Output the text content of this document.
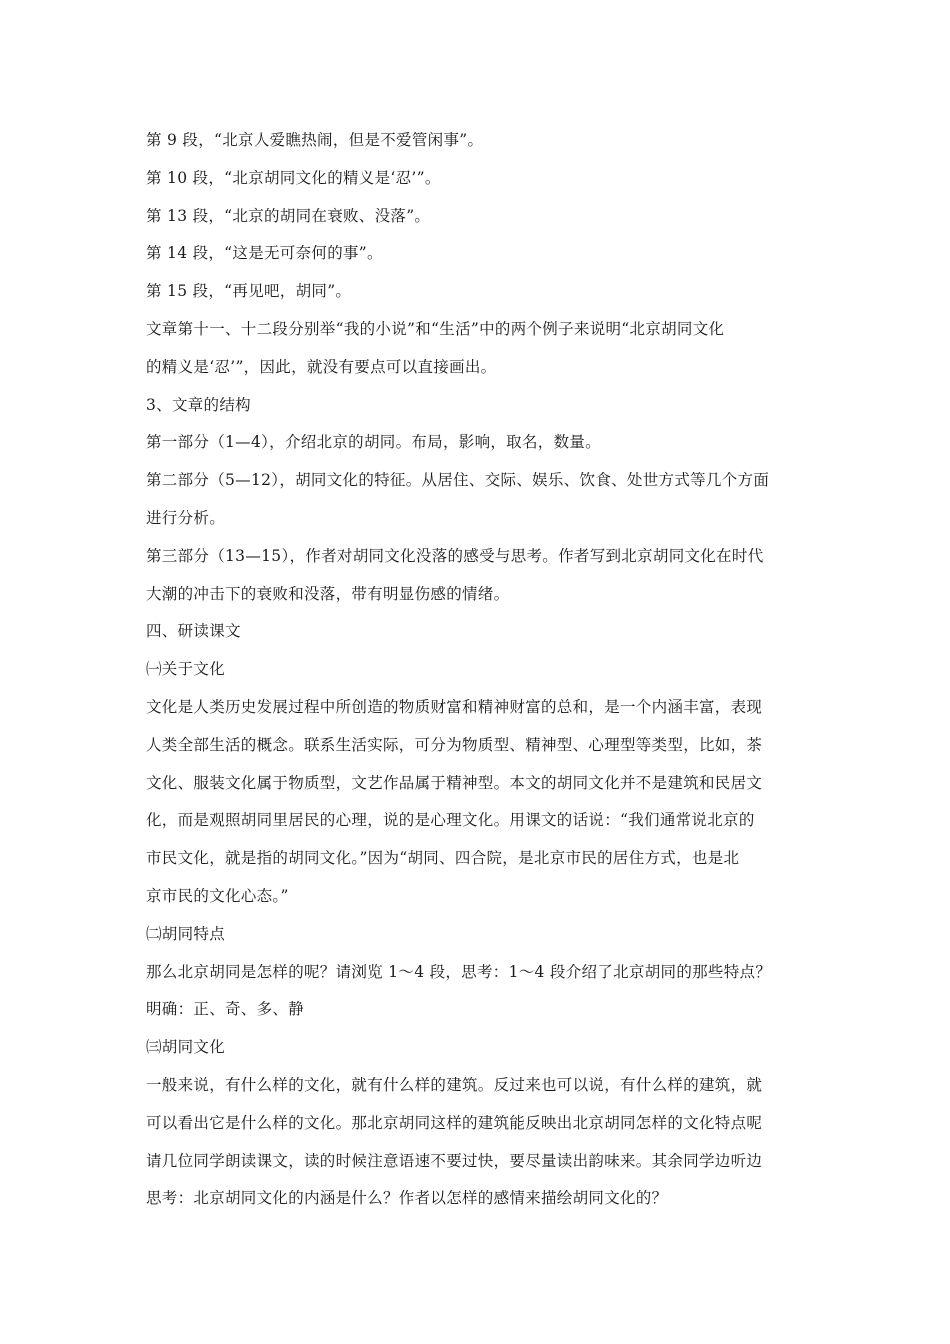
第 9 段，“北京人爱瞧热闹，但是不爱管闲事”。
第 10 段，“北京胡同文化的精义是‘忍’”。
第 13 段，“北京的胡同在衰败、没落”。
第 14 段，“这是无可奈何的事”。
第 15 段，“再见吧，胡同”。
文章第十一、十二段分别举“我的小说”和“生活”中的两个例子来说明“北京胡同文化
的精义是‘忍’”，因此，就没有要点可以直接画出。
3、文章的结构
第一部分（1—4），介绍北京的胡同。布局，影响，取名，数量。
第二部分（5—12），胡同文化的特征。从居住、交际、娱乐、饮食、处世方式等几个方面
进行分析。
第三部分（13—15），作者对胡同文化没落的感受与思考。作者写到北京胡同文化在时代
大潮的冲击下的衰败和没落，带有明显伤感的情绪。
四、研读课文
㈠关于文化
文化是人类历史发展过程中所创造的物质财富和精神财富的总和，是一个内涵丰富，表现
人类全部生活的概念。联系生活实际，可分为物质型、精神型、心理型等类型，比如，茶
文化、服装文化属于物质型，文艺作品属于精神型。本文的胡同文化并不是建筑和民居文
化，而是观照胡同里居民的心理，说的是心理文化。用课文的话说：“我们通常说北京的
市民文化，就是指的胡同文化。”因为“胡同、四合院，是北京市民的居住方式，也是北
京市民的文化心态。”
㈡胡同特点
那么北京胡同是怎样的呢？请浏览 1～4 段，思考：1～4 段介绍了北京胡同的那些特点？
明确：正、奇、多、静
㈢胡同文化
一般来说，有什么样的文化，就有什么样的建筑。反过来也可以说，有什么样的建筑，就
可以看出它是什么样的文化。那北京胡同这样的建筑能反映出北京胡同怎样的文化特点呢
请几位同学朗读课文，读的时候注意语速不要过快，要尽量读出韵味来。其余同学边听边
思考：北京胡同文化的内涵是什么？作者以怎样的感情来描绘胡同文化的？
